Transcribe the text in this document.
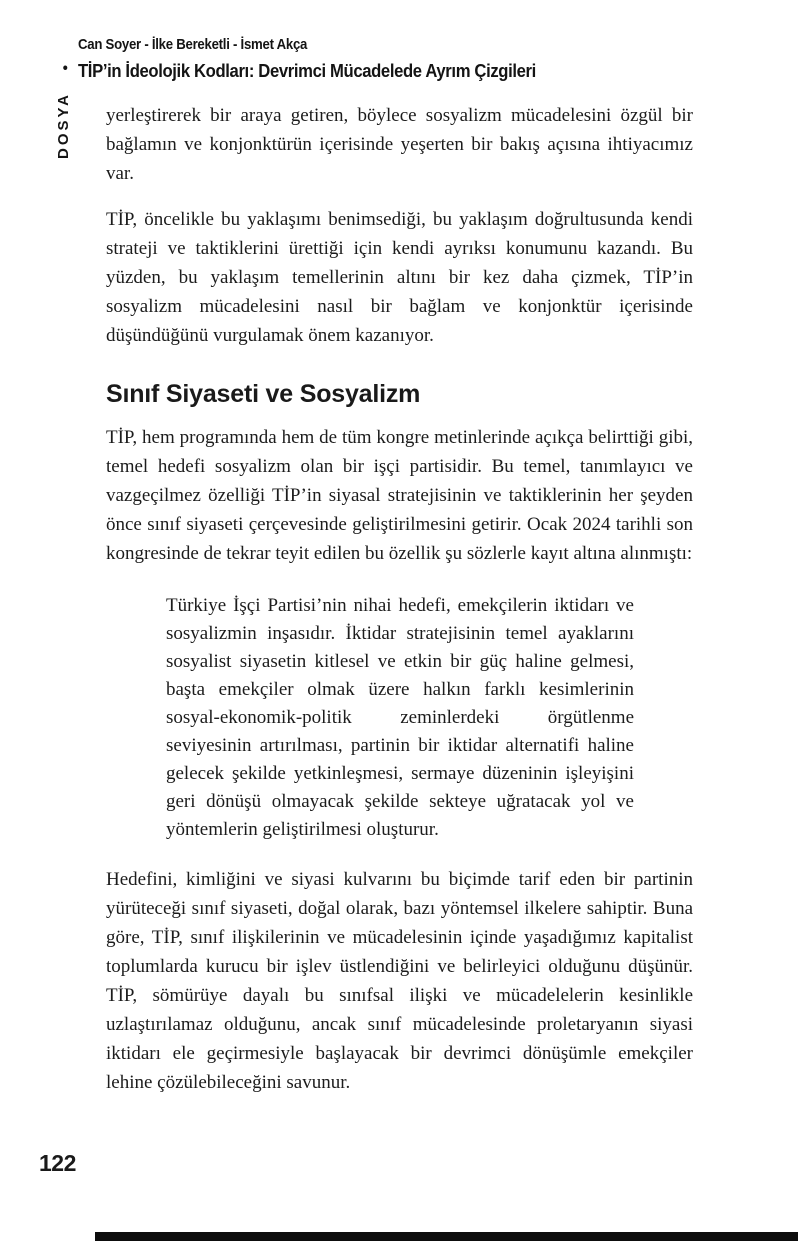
Can Soyer - İlke Bereketli - İsmet Akça
• TİP’in İdeolojik Kodları: Devrimci Mücadelede Ayrım Çizgileri
DOSYA yerleştirerek bir araya getiren, böylece sosyalizm mücadelesini özgül bir bağlamın ve konjonktürün içerisinde yeşerten bir bakış açısına ihtiyacımız var.

TİP, öncelikle bu yaklaşımı benimsediği, bu yaklaşım doğrultusunda kendi strateji ve taktiklerini ürettiği için kendi ayrıksı konumunu kazandı. Bu yüzden, bu yaklaşım temellerinin altını bir kez daha çizmek, TİP’in sosyalizm mücadelesini nasıl bir bağlam ve konjonktür içerisinde düşündüğünü vurgulamak önem kazanıyor.

Sınıf Siyaseti ve Sosyalizm

TİP, hem programında hem de tüm kongre metinlerinde açıkça belirttiği gibi, temel hedefi sosyalizm olan bir işçi partisidir. Bu temel, tanımlayıcı ve vazgeçilmez özelliği TİP’in siyasal stratejisinin ve taktiklerinin her şeyden önce sınıf siyaseti çerçevesinde geliştirilmesini getirir. Ocak 2024 tarihli son kongresinde de tekrar teyit edilen bu özellik şu sözlerle kayıt altına alınmıştı:

Türkiye İşçi Partisi’nin nihai hedefi, emekçilerin iktidarı ve sosyalizmin inşasıdır. İktidar stratejisinin temel ayaklarını sosyalist siyasetin kitlesel ve etkin bir güç haline gelmesi, başta emekçiler olmak üzere halkın farklı kesimlerinin sosyal-ekonomik-politik zeminlerdeki örgütlenme seviyesinin artırılması, partinin bir iktidar alternatifi haline gelecek şekilde yetkinleşmesi, sermaye düzeninin işleyişini geri dönüşü olmayacak şekilde sekteye uğratacak yol ve yöntemlerin geliştirilmesi oluşturur.

Hedefini, kimliğini ve siyasi kulvarını bu biçimde tarif eden bir partinin yürüteceği sınıf siyaseti, doğal olarak, bazı yöntemsel ilkelere sahiptir. Buna göre, TİP, sınıf ilişkilerinin ve mücadelesinin içinde yaşadığımız kapitalist toplumlarda kurucu bir işlev üstlendiğini ve belirleyici olduğunu düşünür. TİP, sömürüye dayalı bu sınıfsal ilişki ve mücadelelerin kesinlikle uzlaştırılamaz olduğunu, ancak sınıf mücadelesinde proletaryanın siyasi iktidarı ele geçirmesiyle başlayacak bir devrimci dönüşümle emekçiler lehine çözülebileceğini savunur.

122
